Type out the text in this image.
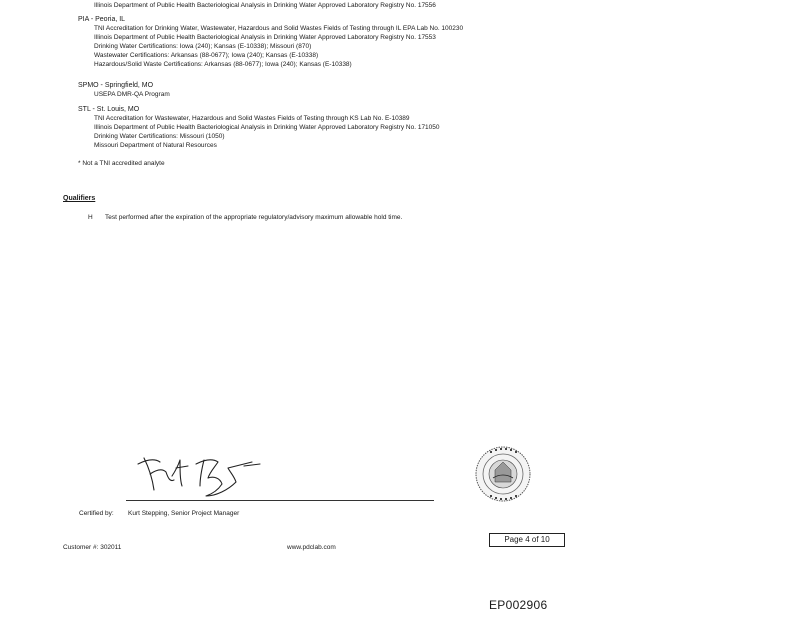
Illinois Department of Public Health Bacteriological Analysis in Drinking Water Approved Laboratory Registry No. 17556
PIA - Peoria, IL
TNI Accreditation for Drinking Water, Wastewater, Hazardous and Solid Wastes Fields of Testing through IL EPA Lab No. 100230
Illinois Department of Public Health Bacteriological Analysis in Drinking Water Approved Laboratory Registry No. 17553
Drinking Water Certifications: Iowa (240); Kansas (E-10338); Missouri (870)
Wastewater Certifications: Arkansas (88-0677); Iowa (240); Kansas (E-10338)
Hazardous/Solid Waste Certifications: Arkansas (88-0677); Iowa (240); Kansas (E-10338)
SPMO - Springfield, MO
USEPA DMR-QA Program
STL - St. Louis, MO
TNI Accreditation for Wastewater, Hazardous and Solid Wastes Fields of Testing through KS Lab No. E-10389
Illinois Department of Public Health Bacteriological Analysis in Drinking Water Approved Laboratory Registry No. 171050
Drinking Water Certifications: Missouri (1050)
Missouri Department of Natural Resources
* Not a TNI accredited analyte
Qualifiers
H Test performed after the expiration of the appropriate regulatory/advisory maximum allowable hold time.
Certified by: Kurt Stepping, Senior Project Manager
Customer #: 302011	www.pdclab.com
Page 4 of 10
EP002906
